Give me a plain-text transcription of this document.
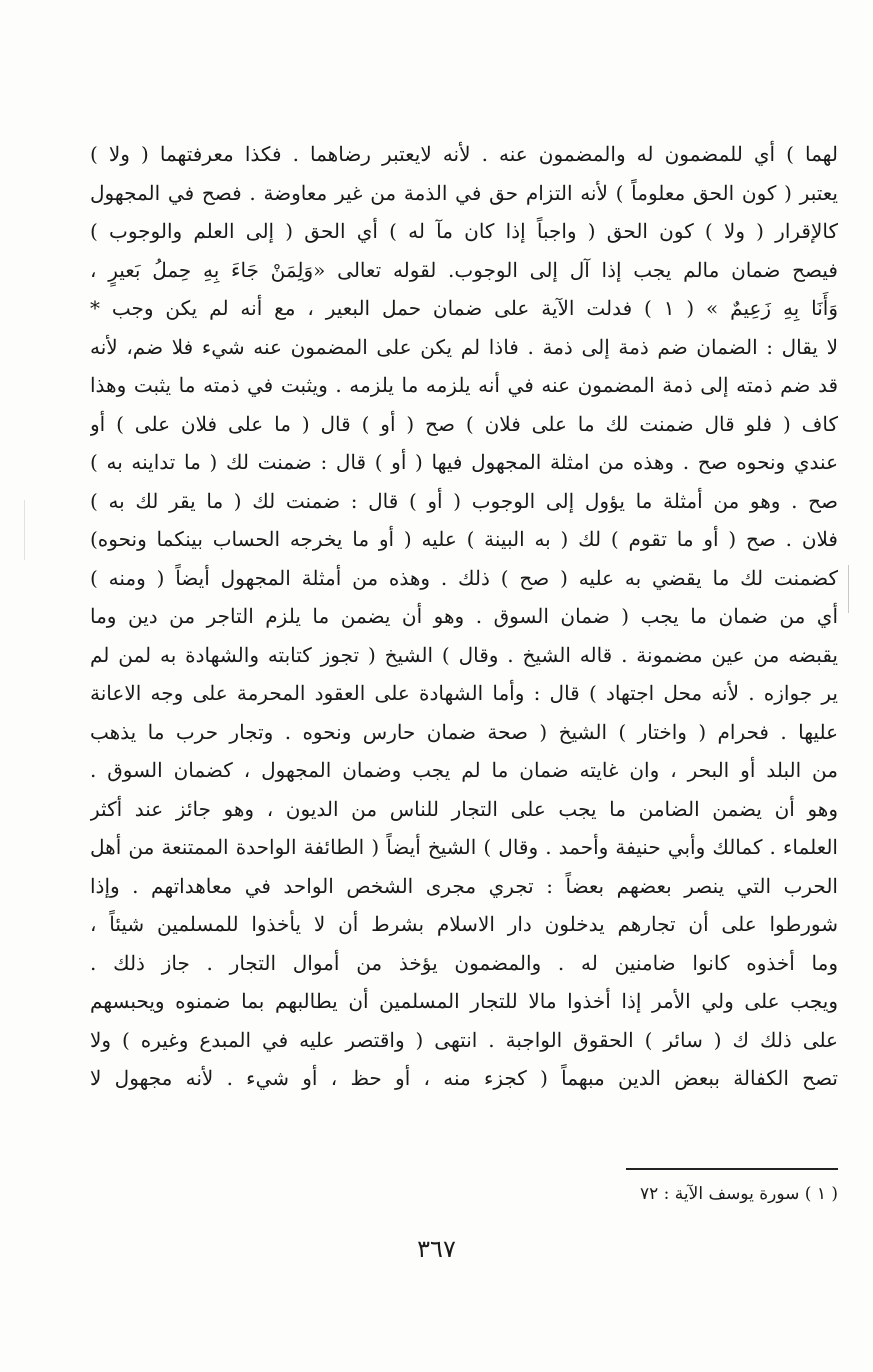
لهما ) أي للمضمون له والمضمون عنه . لأنه لايعتبر رضاهما . فكذا معرفتهما ( ولا )
يعتبر ( كون الحق معلوماً ) لأنه التزام حق في الذمة من غير معاوضة . فصح في المجهول
كالإقرار ( ولا ) كون الحق ( واجباً إذا كان مآ له ) أي الحق ( إلى العلم والوجوب )
فيصح ضمان مالم يجب إذا آل إلى الوجوب. لقوله تعالى «وَلِمَنْ جَاءَ بِهِ حِملُ بَعيرٍ ،
وَأَنَا بِهِ زَعِيمٌ » ( ١ ) فدلت الآية على ضمان حمل البعير ، مع أنه لم يكن وجب *
لا يقال : الضمان ضم ذمة إلى ذمة . فاذا لم يكن على المضمون عنه شيء فلا ضم، لأنه
قد ضم ذمته إلى ذمة المضمون عنه في أنه يلزمه ما يلزمه . ويثبت في ذمته ما يثبت وهذا
كاف ( فلو قال ضمنت لك ما على فلان ) صح ( أو ) قال ( ما على فلان على ) أو
عندي ونحوه صح . وهذه من امثلة المجهول فيها ( أو ) قال : ضمنت لك ( ما تداينه به )
صح . وهو من أمثلة ما يؤول إلى الوجوب ( أو ) قال : ضمنت لك ( ما يقر لك به )
فلان . صح ( أو ما تقوم ) لك ( به البينة ) عليه ( أو ما يخرجه الحساب بينكما ونحوه)
كضمنت لك ما يقضي به عليه ( صح ) ذلك . وهذه من أمثلة المجهول أيضاً ( ومنه )
أي من ضمان ما يجب ( ضمان السوق . وهو أن يضمن ما يلزم التاجر من دين وما
يقبضه من عين مضمونة . قاله الشيخ . وقال ) الشيخ ( تجوز كتابته والشهادة به لمن لم
ير جوازه . لأنه محل اجتهاد ) قال : وأما الشهادة على العقود المحرمة على وجه الاعانة
عليها . فحرام ( واختار ) الشيخ ( صحة ضمان حارس ونحوه . وتجار حرب ما يذهب
من البلد أو البحر ، وان غايته ضمان ما لم يجب وضمان المجهول ، كضمان السوق .
وهو أن يضمن الضامن ما يجب على التجار للناس من الديون ، وهو جائز عند أكثر
العلماء . كمالك وأبي حنيفة وأحمد . وقال ) الشيخ أيضاً ( الطائفة الواحدة الممتنعة من أهل
الحرب التي ينصر بعضهم بعضاً : تجري مجرى الشخص الواحد في معاهداتهم . وإذا
شورطوا على أن تجارهم يدخلون دار الاسلام بشرط أن لا يأخذوا للمسلمين شيئاً ،
وما أخذوه كانوا ضامنين له . والمضمون يؤخذ من أموال التجار . جاز ذلك .
ويجب على ولي الأمر إذا أخذوا مالا للتجار المسلمين أن يطالبهم بما ضمنوه ويحبسهم
على ذلك ك ( سائر ) الحقوق الواجبة . انتهى ( واقتصر عليه في المبدع وغيره ) ولا
تصح الكفالة ببعض الدين مبهماً ( كجزء منه ، أو حظ ، أو شيء . لأنه مجهول لا
( ١ ) سورة يوسف الآية : ٧٢
٣٦٧
